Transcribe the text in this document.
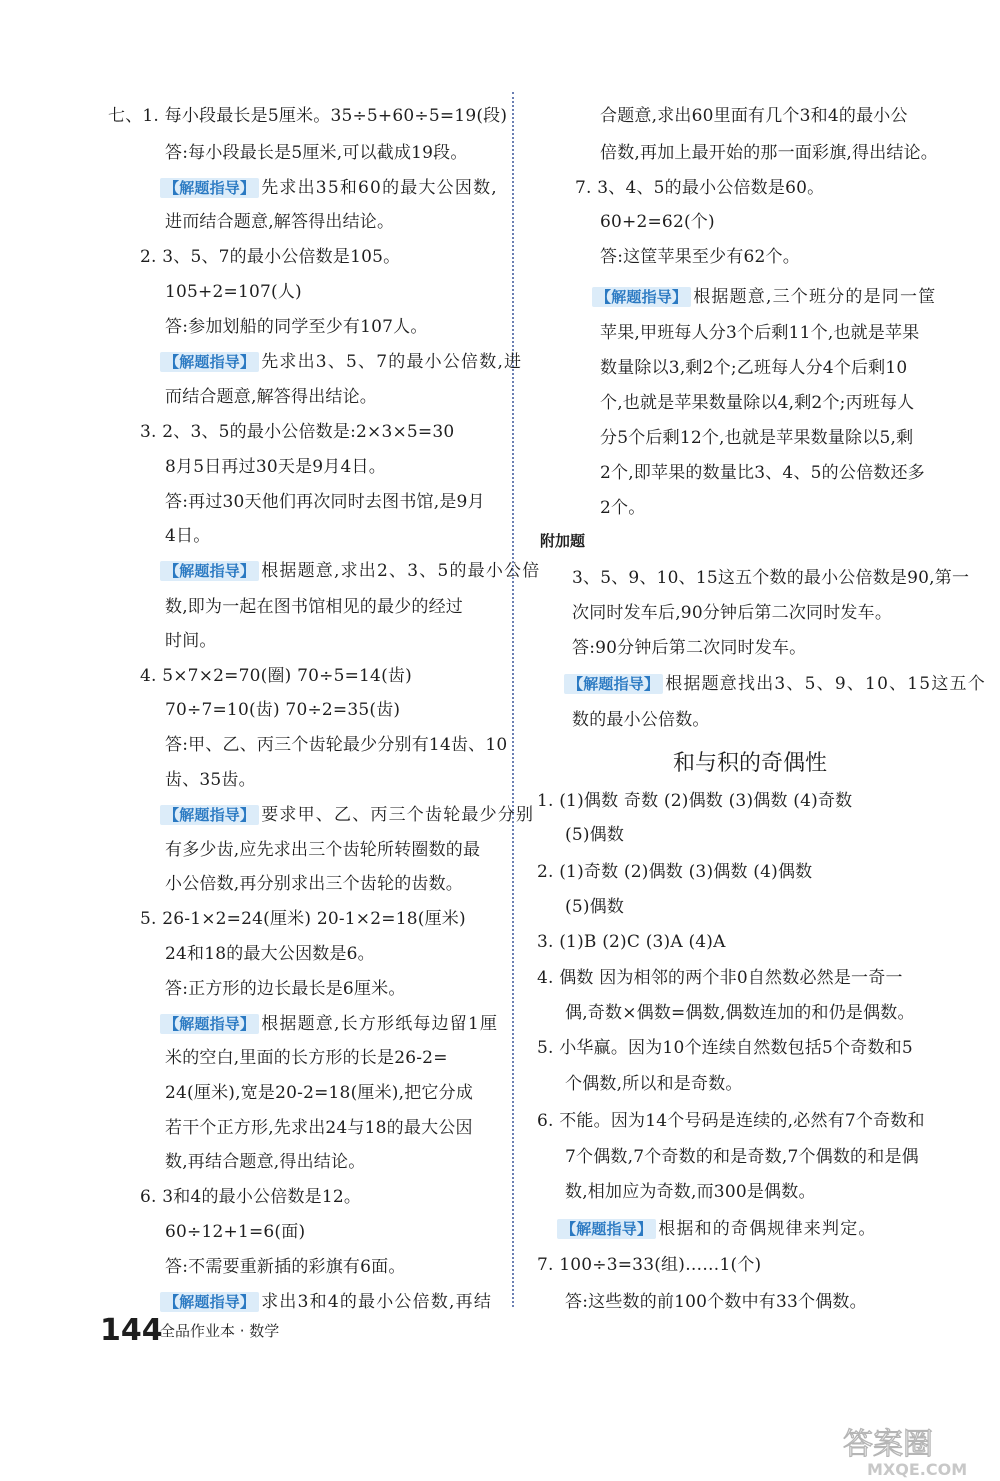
附加题
和与积的奇偶性
144
全品作业本 · 数学
答案圈
MXQE.COM
七、1. 每小段最长是5厘米。35÷5+60÷5=19(段)
答:每小段最长是5厘米,可以截成19段。
【解题指导】 先求出35和60的最大公因数,
进而结合题意,解答得出结论。
2. 3、5、7的最小公倍数是105。
105+2=107(人)
答:参加划船的同学至少有107人。
【解题指导】 先求出3、5、7的最小公倍数,进
而结合题意,解答得出结论。
3. 2、3、5的最小公倍数是:2×3×5=30
8月5日再过30天是9月4日。
答:再过30天他们再次同时去图书馆,是9月
4日。
【解题指导】 根据题意,求出2、3、5的最小公倍
数,即为一起在图书馆相见的最少的经过
时间。
4. 5×7×2=70(圈) 70÷5=14(齿)
70÷7=10(齿) 70÷2=35(齿)
答:甲、乙、丙三个齿轮最少分别有14齿、10
齿、35齿。
【解题指导】 要求甲、乙、丙三个齿轮最少分别
有多少齿,应先求出三个齿轮所转圈数的最
小公倍数,再分别求出三个齿轮的齿数。
5. 26-1×2=24(厘米) 20-1×2=18(厘米)
24和18的最大公因数是6。
答:正方形的边长最长是6厘米。
【解题指导】 根据题意,长方形纸每边留1厘
米的空白,里面的长方形的长是26-2=
24(厘米),宽是20-2=18(厘米),把它分成
若干个正方形,先求出24与18的最大公因
数,再结合题意,得出结论。
6. 3和4的最小公倍数是12。
60÷12+1=6(面)
答:不需要重新插的彩旗有6面。
【解题指导】 求出3和4的最小公倍数,再结
合题意,求出60里面有几个3和4的最小公
倍数,再加上最开始的那一面彩旗,得出结论。
7. 3、4、5的最小公倍数是60。
60+2=62(个)
答:这筐苹果至少有62个。
【解题指导】 根据题意,三个班分的是同一筐
苹果,甲班每人分3个后剩11个,也就是苹果
数量除以3,剩2个;乙班每人分4个后剩10
个,也就是苹果数量除以4,剩2个;丙班每人
分5个后剩12个,也就是苹果数量除以5,剩
2个,即苹果的数量比3、4、5的公倍数还多
2个。
3、5、9、10、15这五个数的最小公倍数是90,第一
次同时发车后,90分钟后第二次同时发车。
答:90分钟后第二次同时发车。
【解题指导】 根据题意找出3、5、9、10、15这五个
数的最小公倍数。
1. (1)偶数 奇数 (2)偶数 (3)偶数 (4)奇数
(5)偶数
2. (1)奇数 (2)偶数 (3)偶数 (4)偶数
(5)偶数
3. (1)B (2)C (3)A (4)A
4. 偶数 因为相邻的两个非0自然数必然是一奇一
偶,奇数×偶数=偶数,偶数连加的和仍是偶数。
5. 小华赢。因为10个连续自然数包括5个奇数和5
个偶数,所以和是奇数。
6. 不能。因为14个号码是连续的,必然有7个奇数和
7个偶数,7个奇数的和是奇数,7个偶数的和是偶
数,相加应为奇数,而300是偶数。
【解题指导】 根据和的奇偶规律来判定。
7. 100÷3=33(组)……1(个)
答:这些数的前100个数中有33个偶数。
